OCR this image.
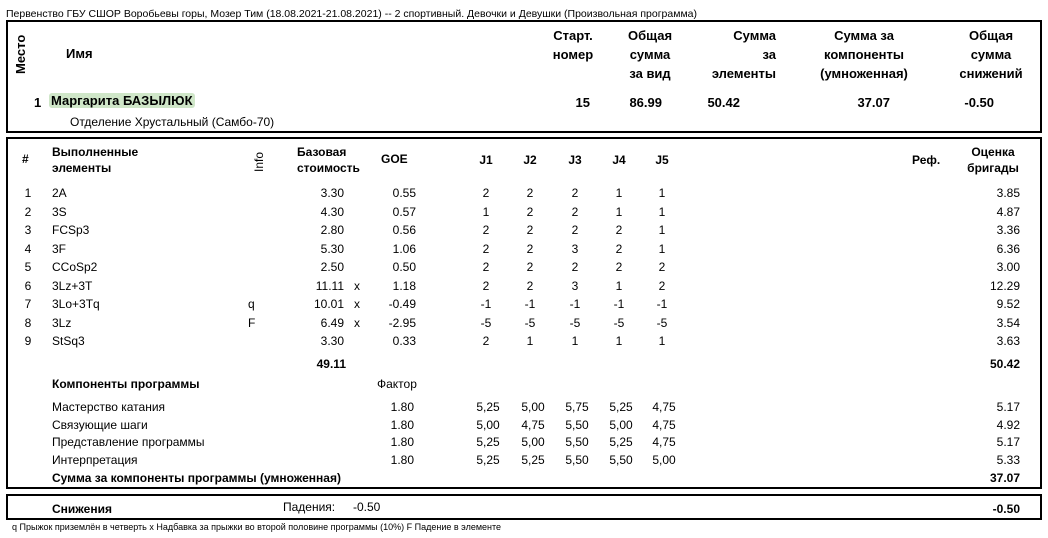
Первенство ГБУ СШОР Воробьевы горы, Мозер Тим (18.08.2021-21.08.2021) -- 2 спортивный. Девочки и Девушки (Произвольная программа)
Место	Имя
Старт.
номер
Общая
сумма
за вид
Сумма
за
элементы
Сумма за
компоненты
(умноженная)
Общая
сумма
снижений
1 Маргарита БАЗЫЛЮК
Отделение Хрустальный (Самбо-70)
15	86.99	50.42	37.07	-0.50
# Выполненные
элементы	Info	Базовая
стоимость
GOE	J1	J2	J3	J4 J5	Реф.
Оценка
бригады
1	2A	3.30	0.55	2	2	2	1	1	3.85
2	3S	4.30	0.57	1	2	2	1	1	4.87
3	FCSp3	2.80	0.56	2	2	2	2	1	3.36
4	3F	5.30	1.06	2	2	3	2	1	6.36
5	CCoSp2	2.50	0.50	2	2	2	2	2	3.00
6	3Lz+3T	11.11 x	1.18	2	2	3	1	2	12.29
7	3Lo+3Tq	q	10.01 x	-0.49	-1	-1	-1	-1	-1	9.52
8	3Lz	F	6.49 x	-2.95	-5	-5	-5	-5	-5	3.54
9	StSq3	3.30	0.33	2	1	1	1	1	3.63
49.11	50.42
Компоненты программы	Фактор
Мастерство катания	1.80	5,25	5,00	5,75	5,25	4,75	5.17
Связующие шаги	1.80	5,00	4,75	5,50	5,00	4,75	4.92
Представление программы	1.80	5,25	5,00	5,50	5,25	4,75	5.17
Интерпретация	1.80	5,25	5,25	5,50	5,50	5,00	5.33
Сумма за компоненты программы (умноженная)	37.07
Снижения	Падения: -0.50	-0.50
q Прыжок приземлён в четверть x Надбавка за прыжки во второй половине программы (10%) F Падение в элементе
